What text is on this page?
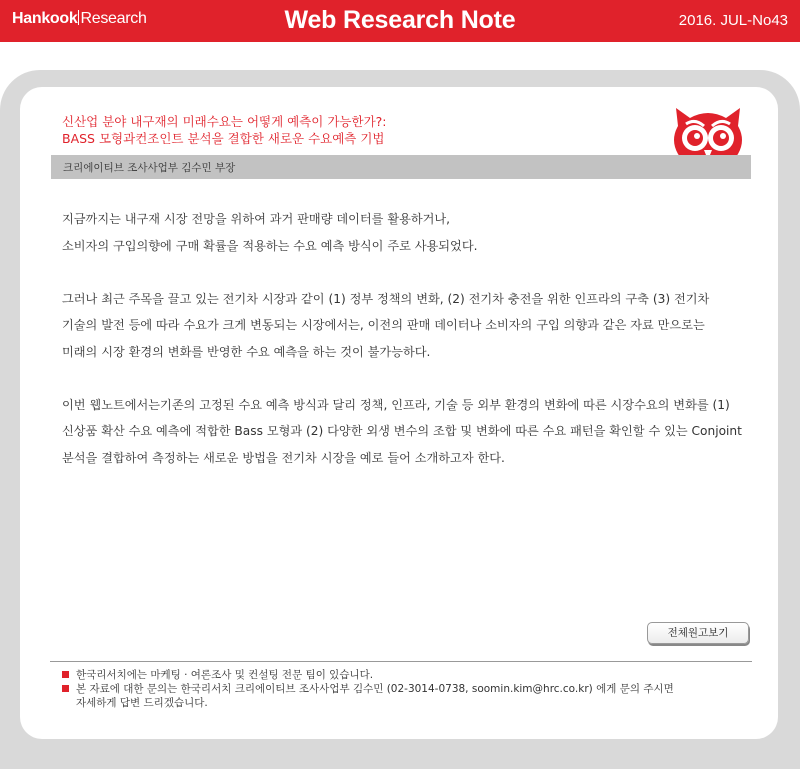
Hankook Research	Web Research Note	2016. JUL-No43
신산업 분야 내구재의 미래수요는 어떻게 예측이 가능한가?:
BASS 모형과컨조인트 분석을 결합한 새로운 수요예측 기법
크리에이티브 조사사업부 김수민 부장

지금까지는 내구재 시장 전망을 위하여 과거 판매량 데이터를 활용하거나,
소비자의 구입의향에 구매 확률을 적용하는 수요 예측 방식이 주로 사용되었다.

그러나 최근 주목을 끌고 있는 전기차 시장과 같이 (1) 정부 정책의 변화, (2) 전기차 충전을 위한 인프라의 구축 (3) 전기차
기술의 발전 등에 따라 수요가 크게 변동되는 시장에서는, 이전의 판매 데이터나 소비자의 구입 의향과 같은 자료 만으로는
미래의 시장 환경의 변화를 반영한 수요 예측을 하는 것이 불가능하다.

이번 웹노트에서는기존의 고정된 수요 예측 방식과 달리 정책, 인프라, 기술 등 외부 환경의 변화에 따른 시장수요의 변화를 (1)
신상품 확산 수요 예측에 적합한 Bass 모형과 (2) 다양한 외생 변수의 조합 및 변화에 따른 수요 패턴을 확인할 수 있는 Conjoint
분석을 결합하여 측정하는 새로운 방법을 전기차 시장을 예로 들어 소개하고자 한다.

전체원고보기
한국리서치에는 마케팅 · 여론조사 및 컨설팅 전문 팀이 있습니다.
본 자료에 대한 문의는 한국리서치 크리에이티브 조사사업부 김수민 (02-3014-0738, soomin.kim@hrc.co.kr) 에게 문의 주시면
자세하게 답변 드리겠습니다.
